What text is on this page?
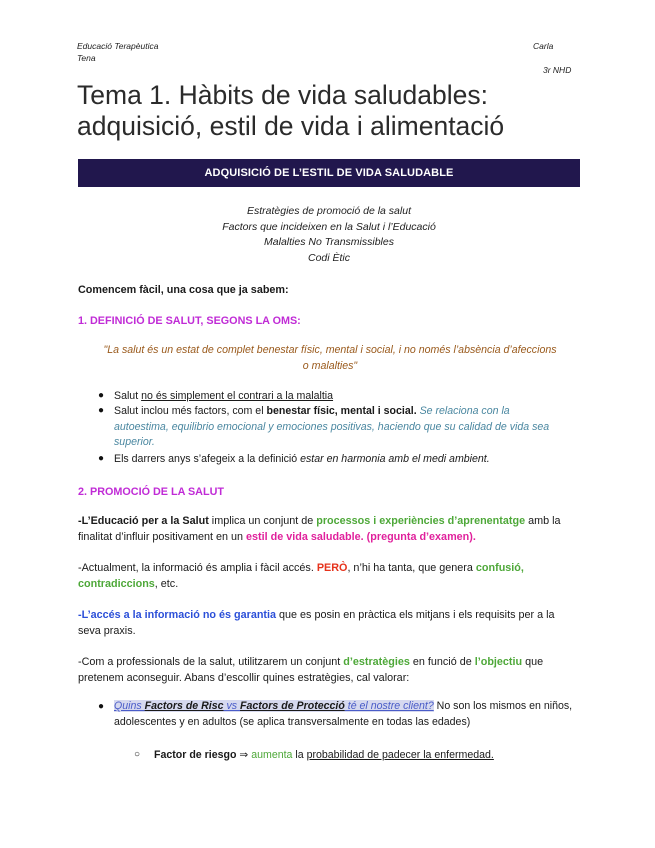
Educació Terapèutica
Tena
Carla
3r NHD
Tema 1. Hàbits de vida saludables:
adquisició, estil de vida i alimentació
ADQUISICIÓ DE L’ESTIL DE VIDA SALUDABLE
Estratègies de promoció de la salut
Factors que incideixen en la Salut i l’Educació
Malalties No Transmissibles
Codi Ètic
Comencem fàcil, una cosa que ja sabem:
1. DEFINICIÓ DE SALUT, SEGONS LA OMS:
"La salut és un estat de complet benestar físic, mental i social, i no només l’absència d’afeccions o malalties"
● Salut no és simplement el contrari a la malaltia
● Salut inclou més factors, com el benestar físic, mental i social. Se relaciona con la autoestima, equilibrio emocional y emociones positivas, haciendo que su calidad de vida sea superior.
● Els darrers anys s’afegeix a la definició estar en harmonia amb el medi ambient.
2. PROMOCIÓ DE LA SALUT
-L’Educació per a la Salut implica un conjunt de processos i experiències d’aprenentatge amb la finalitat d’influir positivament en un estil de vida saludable. (pregunta d’examen).
-Actualment, la informació és amplia i fàcil accés. PERÒ, n’hi ha tanta, que genera confusió, contradiccions, etc.
-L’accés a la informació no és garantia que es posin en pràctica els mitjans i els requisits per a la seva praxis.
-Com a professionals de la salut, utilitzarem un conjunt d’estratègies en funció de l’objectiu que pretenem aconseguir. Abans d’escollir quines estratègies, cal valorar:
● Quins Factors de Risc vs Factors de Protecció té el nostre client? No son los mismos en niños, adolescentes y en adultos (se aplica transversalmente en todas las edades)
○ Factor de riesgo ⇒ aumenta la probabilidad de padecer la enfermedad.
